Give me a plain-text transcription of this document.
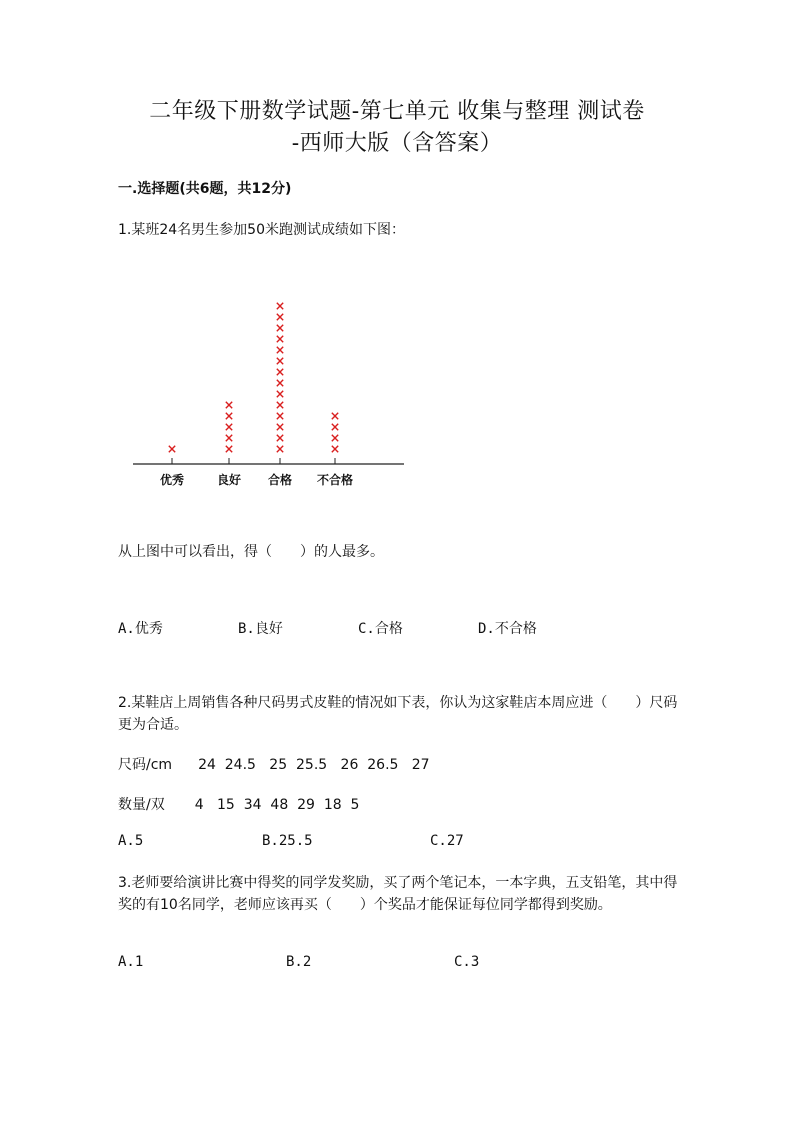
二年级下册数学试题-第七单元 收集与整理 测试卷
-西师大版（含答案）
一.选择题(共6题，共12分)
1.某班24名男生参加50米跑测试成绩如下图：
优秀	良好 合格 不合格
从上图中可以看出，得（　　）的人最多。
A.优秀	B.良好	C.合格	D.不合格
2.某鞋店上周销售各种尺码男式皮鞋的情况如下表，你认为这家鞋店本周应进（　　）尺码更为合适。
尺码/cm 24  24.5   25  25.5   26  26.5   27
数量/双 4   15  34  48  29  18  5
A.5	B.25.5	C.27
3.老师要给演讲比赛中得奖的同学发奖励，买了两个笔记本，一本字典，五支铅笔，其中得奖的有10名同学，老师应该再买（　　）个奖品才能保证每位同学都得到奖励。
A.1	B.2	C.3
